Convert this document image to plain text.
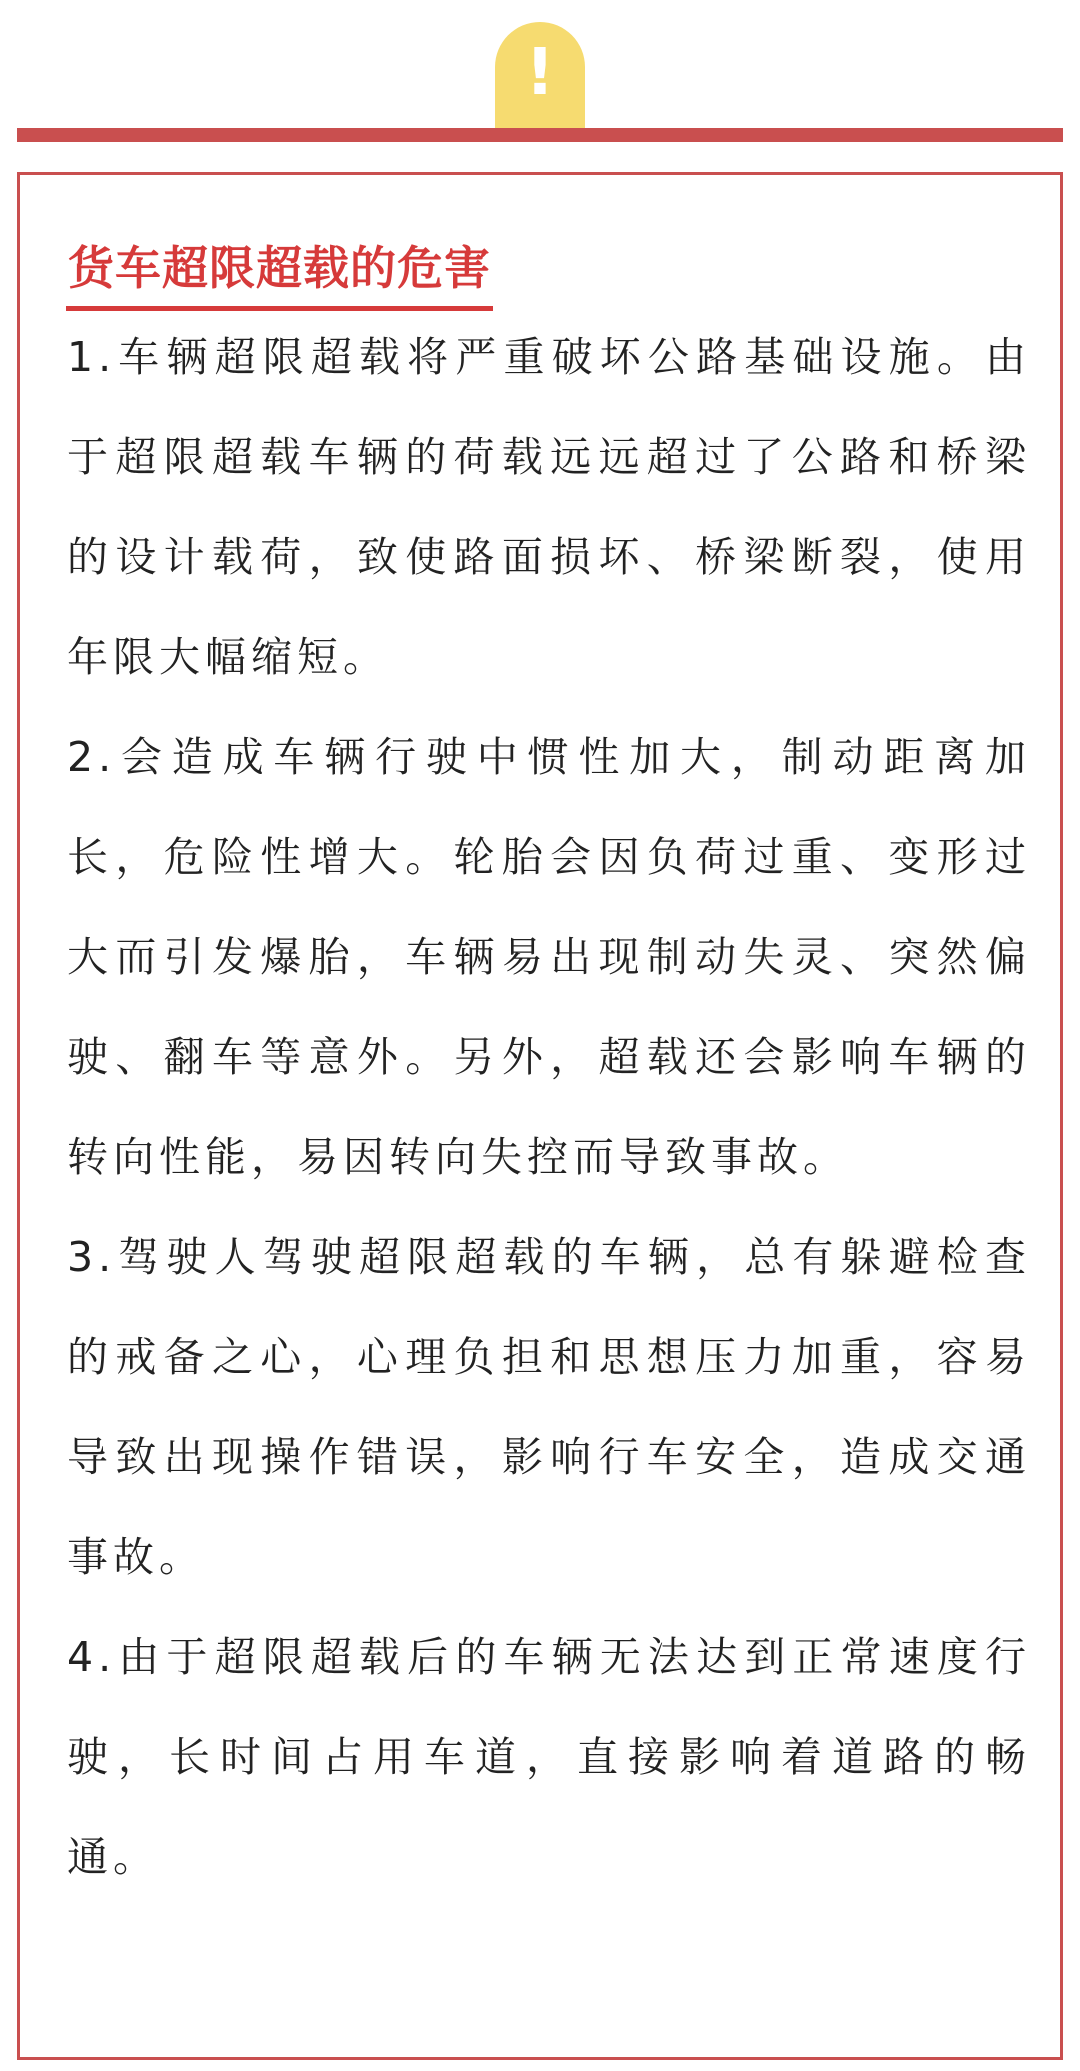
!
货车超限超载的危害

1.车辆超限超载将严重破坏公路基础设施。由于超限超载车辆的荷载远远超过了公路和桥梁的设计载荷，致使路面损坏、桥梁断裂，使用年限大幅缩短。

2.会造成车辆行驶中惯性加大，制动距离加长，危险性增大。轮胎会因负荷过重、变形过大而引发爆胎，车辆易出现制动失灵、突然偏驶、翻车等意外。另外，超载还会影响车辆的转向性能，易因转向失控而导致事故。

3.驾驶人驾驶超限超载的车辆，总有躲避检查的戒备之心，心理负担和思想压力加重，容易导致出现操作错误，影响行车安全，造成交通事故。

4.由于超限超载后的车辆无法达到正常速度行驶，长时间占用车道，直接影响着道路的畅通。
